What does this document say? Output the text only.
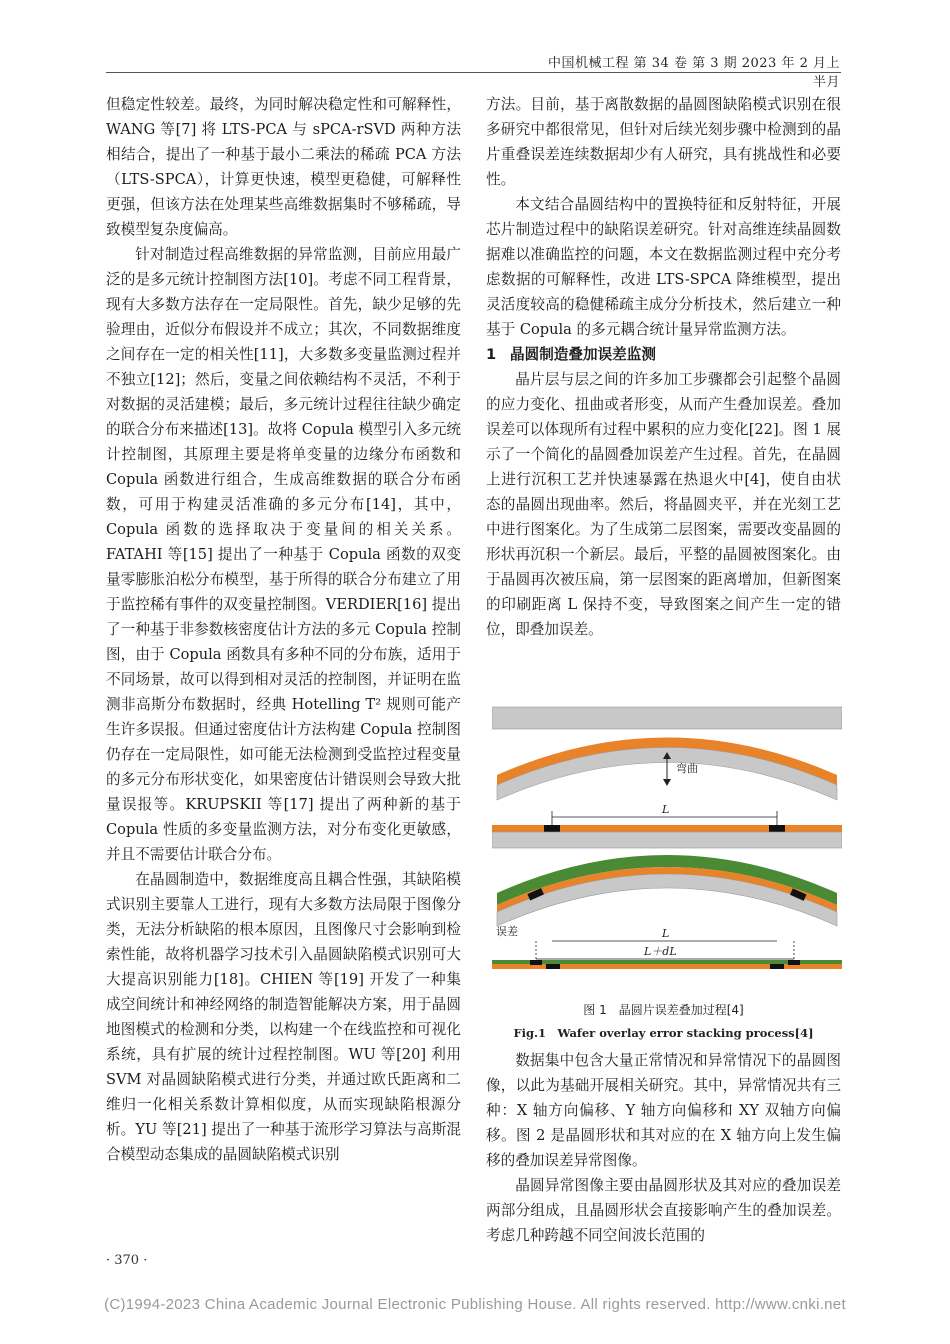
中国机械工程 第 34 卷 第 3 期 2023 年 2 月上半月

但稳定性较差。最终，为同时解决稳定性和可解释性，WANG 等[7] 将 LTS-PCA 与 sPCA-rSVD 两种方法相结合，提出了一种基于最小二乘法的稀疏 PCA 方法（LTS-SPCA），计算更快速，模型更稳健，可解释性更强，但该方法在处理某些高维数据集时不够稀疏，导致模型复杂度偏高。

针对制造过程高维数据的异常监测，目前应用最广泛的是多元统计控制图方法[10]。考虑不同工程背景，现有大多数方法存在一定局限性。首先，缺少足够的先验理由，近似分布假设并不成立；其次，不同数据维度之间存在一定的相关性[11]，大多数多变量监测过程并不独立[12]；然后，变量之间依赖结构不灵活，不利于对数据的灵活建模；最后，多元统计过程往往缺少确定的联合分布来描述[13]。故将 Copula 模型引入多元统计控制图，其原理主要是将单变量的边缘分布函数和 Copula 函数进行组合，生成高维数据的联合分布函数，可用于构建灵活准确的多元分布[14]，其中，Copula 函数的选择取决于变量间的相关关系。FATAHI 等[15] 提出了一种基于 Copula 函数的双变量零膨胀泊松分布模型，基于所得的联合分布建立了用于监控稀有事件的双变量控制图。VERDIER[16] 提出了一种基于非参数核密度估计方法的多元 Copula 控制图，由于 Copula 函数具有多种不同的分布族，适用于不同场景，故可以得到相对灵活的控制图，并证明在监测非高斯分布数据时，经典 Hotelling T² 规则可能产生许多误报。但通过密度估计方法构建 Copula 控制图仍存在一定局限性，如可能无法检测到受监控过程变量的多元分布形状变化，如果密度估计错误则会导致大批量误报等。KRUPSKII 等[17] 提出了两种新的基于 Copula 性质的多变量监测方法，对分布变化更敏感，并且不需要估计联合分布。

在晶圆制造中，数据维度高且耦合性强，其缺陷模式识别主要靠人工进行，现有大多数方法局限于图像分类，无法分析缺陷的根本原因，且图像尺寸会影响到检索性能，故将机器学习技术引入晶圆缺陷模式识别可大大提高识别能力[18]。CHIEN 等[19] 开发了一种集成空间统计和神经网络的制造智能解决方案，用于晶圆地图模式的检测和分类，以构建一个在线监控和可视化系统，具有扩展的统计过程控制图。WU 等[20] 利用 SVM 对晶圆缺陷模式进行分类，并通过欧氏距离和二维归一化相关系数计算相似度，从而实现缺陷根源分析。YU 等[21] 提出了一种基于流形学习算法与高斯混合模型动态集成的晶圆缺陷模式识别

方法。目前，基于离散数据的晶圆图缺陷模式识别在很多研究中都很常见，但针对后续光刻步骤中检测到的晶片重叠误差连续数据却少有人研究，具有挑战性和必要性。

本文结合晶圆结构中的置换特征和反射特征，开展芯片制造过程中的缺陷误差研究。针对高维连续晶圆数据难以准确监控的问题，本文在数据监测过程中充分考虑数据的可解释性，改进 LTS-SPCA 降维模型，提出灵活度较高的稳健稀疏主成分分析技术，然后建立一种基于 Copula 的多元耦合统计量异常监测方法。

1 晶圆制造叠加误差监测

晶片层与层之间的许多加工步骤都会引起整个晶圆的应力变化、扭曲或者形变，从而产生叠加误差。叠加误差可以体现所有过程中累积的应力变化[22]。图 1 展示了一个简化的晶圆叠加误差产生过程。首先，在晶圆上进行沉积工艺并快速暴露在热退火中[4]，使自由状态的晶圆出现曲率。然后，将晶圆夹平，并在光刻工艺中进行图案化。为了生成第二层图案，需要改变晶圆的形状再沉积一个新层。最后，平整的晶圆被图案化。由于晶圆再次被压扁，第一层图案的距离增加，但新图案的印刷距离 L 保持不变，导致图案之间产生一定的错位，即叠加误差。

弯曲
L
误差	L
L＋dL
图 1　晶圆片误差叠加过程[4]
Fig.1　Wafer overlay error stacking process[4]

数据集中包含大量正常情况和异常情况下的晶圆图像，以此为基础开展相关研究。其中，异常情况共有三种：X 轴方向偏移、Y 轴方向偏移和 XY 双轴方向偏移。图 2 是晶圆形状和其对应的在 X 轴方向上发生偏移的叠加误差异常图像。

晶圆异常图像主要由晶圆形状及其对应的叠加误差两部分组成，且晶圆形状会直接影响产生的叠加误差。考虑几种跨越不同空间波长范围的

· 370 ·
(C)1994-2023 China Academic Journal Electronic Publishing House. All rights reserved. http://www.cnki.net
